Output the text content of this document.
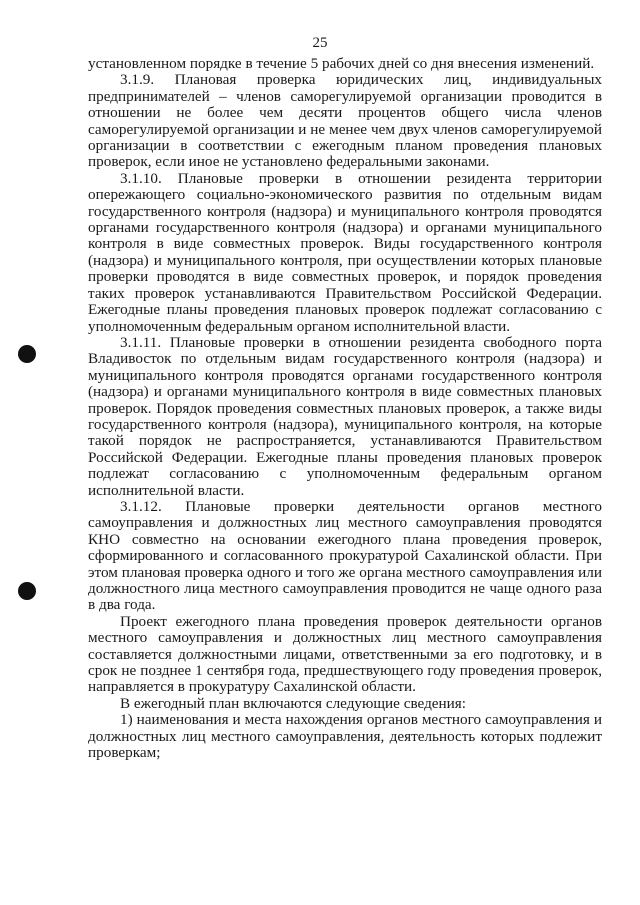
25

установленном порядке в течение 5 рабочих дней со дня внесения изменений.

3.1.9. Плановая проверка юридических лиц, индивидуальных предпринимателей – членов саморегулируемой организации проводится в отношении не более чем десяти процентов общего числа членов саморегулируемой организации и не менее чем двух членов саморегулируемой организации в соответствии с ежегодным планом проведения плановых проверок, если иное не установлено федеральными законами.

3.1.10. Плановые проверки в отношении резидента территории опережающего социально-экономического развития по отдельным видам государственного контроля (надзора) и муниципального контроля проводятся органами государственного контроля (надзора) и органами муниципального контроля в виде совместных проверок. Виды государственного контроля (надзора) и муниципального контроля, при осуществлении которых плановые проверки проводятся в виде совместных проверок, и порядок проведения таких проверок устанавливаются Правительством Российской Федерации. Ежегодные планы проведения плановых проверок подлежат согласованию с уполномоченным федеральным органом исполнительной власти.

3.1.11. Плановые проверки в отношении резидента свободного порта Владивосток по отдельным видам государственного контроля (надзора) и муниципального контроля проводятся органами государственного контроля (надзора) и органами муниципального контроля в виде совместных плановых проверок. Порядок проведения совместных плановых проверок, а также виды государственного контроля (надзора), муниципального контроля, на которые такой порядок не распространяется, устанавливаются Правительством Российской Федерации. Ежегодные планы проведения плановых проверок подлежат согласованию с уполномоченным федеральным органом исполнительной власти.

3.1.12. Плановые проверки деятельности органов местного самоуправления и должностных лиц местного самоуправления проводятся КНО совместно на основании ежегодного плана проведения проверок, сформированного и согласованного прокуратурой Сахалинской области. При этом плановая проверка одного и того же органа местного самоуправления или должностного лица местного самоуправления проводится не чаще одного раза в два года.

Проект ежегодного плана проведения проверок деятельности органов местного самоуправления и должностных лиц местного самоуправления составляется должностными лицами, ответственными за его подготовку, и в срок не позднее 1 сентября года, предшествующего году проведения проверок, направляется в прокуратуру Сахалинской области.

В ежегодный план включаются следующие сведения:

1) наименования и места нахождения органов местного самоуправления и должностных лиц местного самоуправления, деятельность которых подлежит проверкам;
